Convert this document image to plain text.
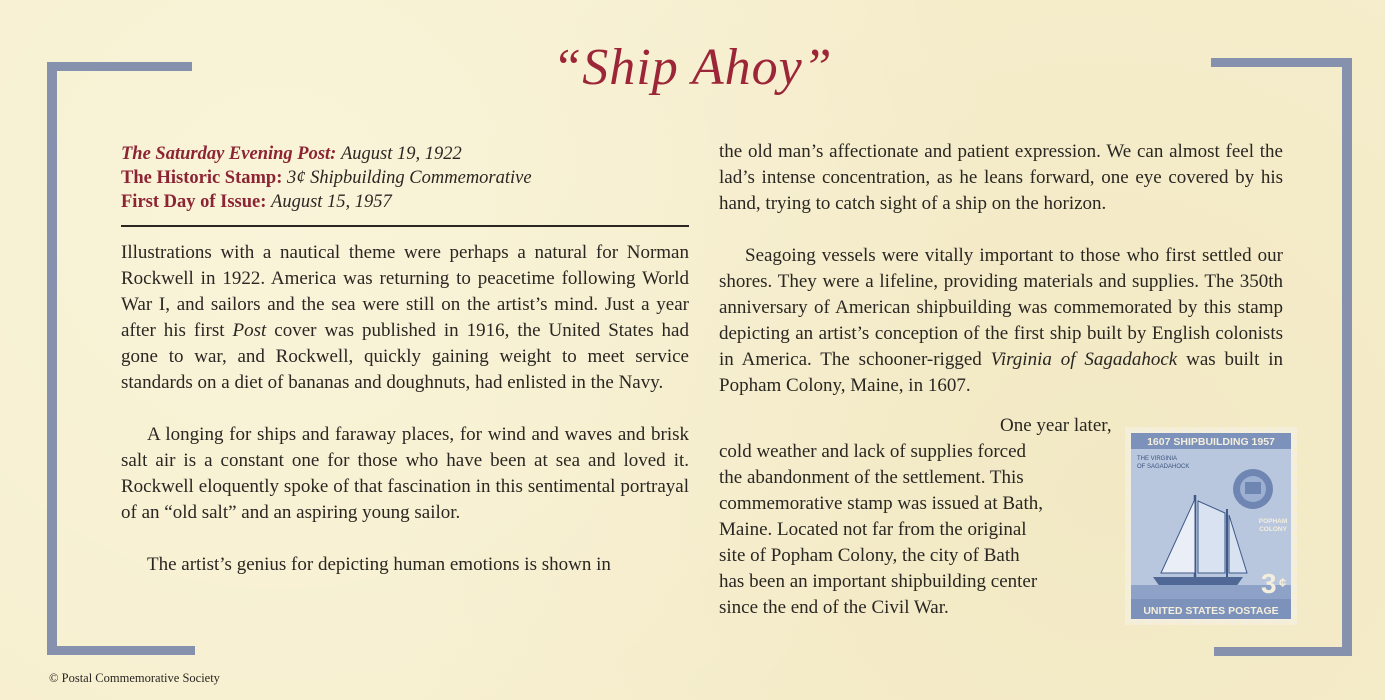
“Ship Ahoy”
The Saturday Evening Post: August 19, 1922
The Historic Stamp: 3¢ Shipbuilding Commemorative
First Day of Issue: August 15, 1957

Illustrations with a nautical theme were perhaps a natural for Norman Rockwell in 1922. America was returning to peacetime following World War I, and sailors and the sea were still on the artist’s mind. Just a year after his first Post cover was published in 1916, the United States had gone to war, and Rockwell, quickly gaining weight to meet service standards on a diet of bananas and doughnuts, had enlisted in the Navy.

A longing for ships and faraway places, for wind and waves and brisk salt air is a constant one for those who have been at sea and loved it. Rockwell eloquently spoke of that fascination in this sentimental portrayal of an “old salt” and an aspiring young sailor.

The artist’s genius for depicting human emotions is shown in

the old man’s affectionate and patient expression. We can almost feel the lad’s intense concentration, as he leans forward, one eye covered by his hand, trying to catch sight of a ship on the horizon.

Seagoing vessels were vitally important to those who first settled our shores. They were a lifeline, providing materials and supplies. The 350th anniversary of American shipbuilding was commemorated by this stamp depicting an artist’s conception of the first ship built by English colonists in America. The schooner-rigged Virginia of Sagadahock was built in Popham Colony, Maine, in 1607.

One year later,
cold weather and lack of supplies forced
the abandonment of the settlement. This
commemorative stamp was issued at Bath,
Maine. Located not far from the original
site of Popham Colony, the city of Bath
has been an important shipbuilding center
since the end of the Civil War.
1607 SHIPBUILDING 1957
THE VIRGINIA
OF SAGADAHOCK
POPHAM
COLONY
3 ¢
UNITED STATES POSTAGE
© Postal Commemorative Society
